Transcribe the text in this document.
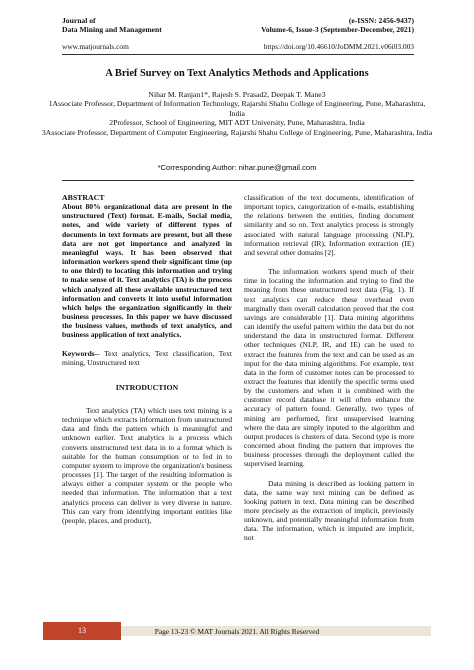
Journal of
Data Mining and Management
(e-ISSN: 2456-9437)
Volume-6, Issue-3 (September-December, 2021)
www.matjournals.com	https://doi.org/10.46610/JoDMM.2021.v06i03.003
A Brief Survey on Text Analytics Methods and Applications
Nihar M. Ranjan1*, Rajesh S. Prasad2, Deepak T. Mane3
1Associate Professor, Department of Information Technology, Rajarshi Shahu College of Engineering, Pune, Maharashtra, India
2Professor, School of Engineering, MIT ADT University, Pune, Maharashtra, India
3Associate Professor, Department of Computer Engineering, Rajarshi Shahu College of Engineering, Pune, Maharashtra, India
*Corresponding Author: nihar.pune@gmail.com

ABSTRACT

About 80% organizational data are present in the unstructured (Text) format. E-mails, Social media, notes, and wide variety of different types of documents in text formats are present, but all these data are not got importance and analyzed in meaningful ways. It has been observed that information workers spend their significant time (up to one third) to locating this information and trying to make sense of it. Text analytics (TA) is the process which analyzed all these available unstructured text information and converts it into useful information which helps the organization significantly in their business processes. In this paper we have discussed the business values, methods of text analytics, and business application of text analytics.

Keywords-- Text analytics, Text classification, Text mining, Unstructured text

INTRODUCTION

Text analytics (TA) which uses text mining is a technique which extracts information from unstructured data and finds the pattern which is meaningful and unknown earlier. Text analytics is a process which converts unstructured text data in to a format which is suitable for the human consumption or to fed in to computer system to improve the organization's business processes [1]. The target of the resulting information is always either a computer system or the people who needed that information. The information that a text analytics process can deliver is very diverse in nature. This can vary from identifying important entities like (people, places, and product),

classification of the text documents, identification of important topics, categorization of e-mails, establishing the relations between the entities, finding document similarity and so on. Text analytics process is strongly associated with natural language processing (NLP), information retrieval (IR), Information extraction (IE) and several other domains [2].

The information workers spend much of their time in locating the information and trying to find the meaning from these unstructured text data (Fig. 1). If text analytics can reduce these overhead even marginally then overall calculation proved that the cost savings are considerable [1]. Data mining algorithms can identify the useful pattern within the data but do not understand the data in unstructured format. Different other techniques (NLP, IR, and IE) can be used to extract the features from the text and can be used as an input for the data mining algorithms. For example, text data in the form of customer notes can be processed to extract the features that identify the specific terms used by the customers and when it is combined with the customer record database it will often enhance the accuracy of pattern found. Generally, two types of mining are performed, first unsupervised learning where the data are simply inputed to the algorithm and output produces is clusters of data. Second type is more concerned about finding the pattern that improves the business processes through the deployment called the supervised learning.

Data mining is described as looking pattern in data, the same way text mining can be defined as looking pattern in text. Data mining can be described more precisely as the extraction of implicit, previously unknown, and potentially meaningful information from data. The information, which is imputed are implicit, not

13	Page 13-23 © MAT Journals 2021. All Rights Reserved
